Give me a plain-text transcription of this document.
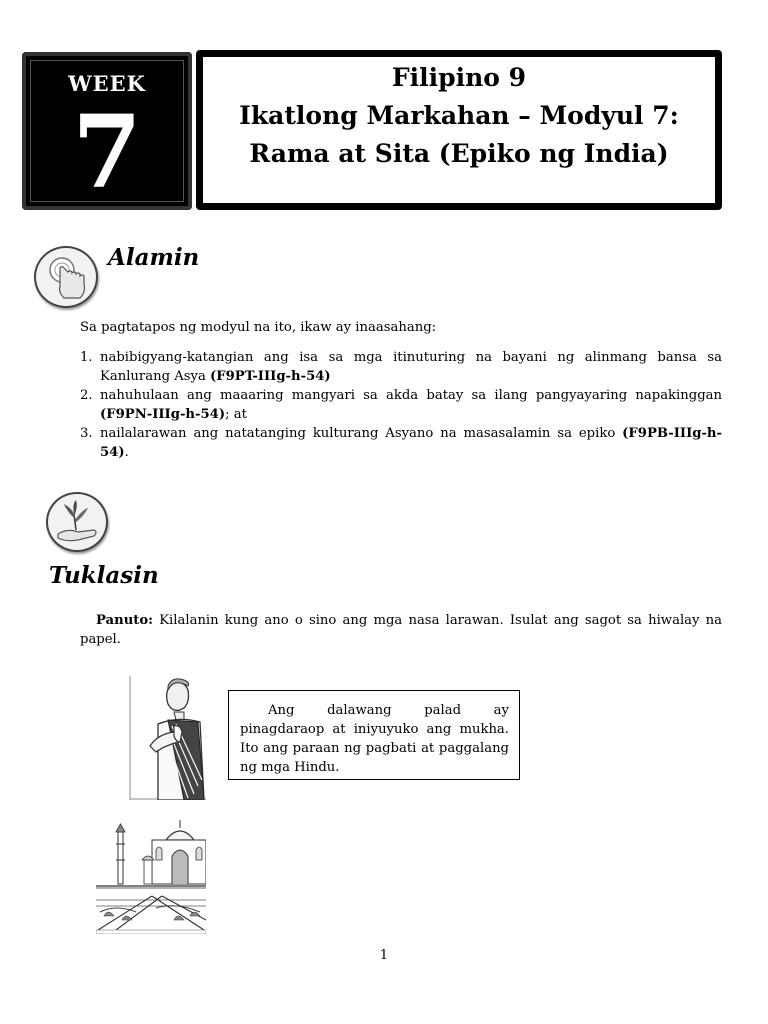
WEEK
7
Filipino 9
Ikatlong Markahan – Modyul 7:
Rama at Sita (Epiko ng India)
Alamin
Sa pagtatapos ng modyul na ito, ikaw ay inaasahang:
1. nabibigyang-katangian ang isa sa mga itinuturing na bayani ng alinmang bansa sa Kanlurang Asya (F9PT-IIIg-h-54)
2. nahuhulaan ang maaaring mangyari sa akda batay sa ilang pangyayaring napakinggan (F9PN-IIIg-h-54); at
3. nailalarawan ang natatanging kulturang Asyano na masasalamin sa epiko (F9PB-IIIg-h-54).
Tuklasin
Panuto: Kilalanin kung ano o sino ang mga nasa larawan. Isulat ang sagot sa hiwalay na papel.

Ang dalawang palad ay pinagdaraop at iniyuyuko ang mukha. Ito ang paraan ng pagbati at paggalang ng mga Hindu.

1
